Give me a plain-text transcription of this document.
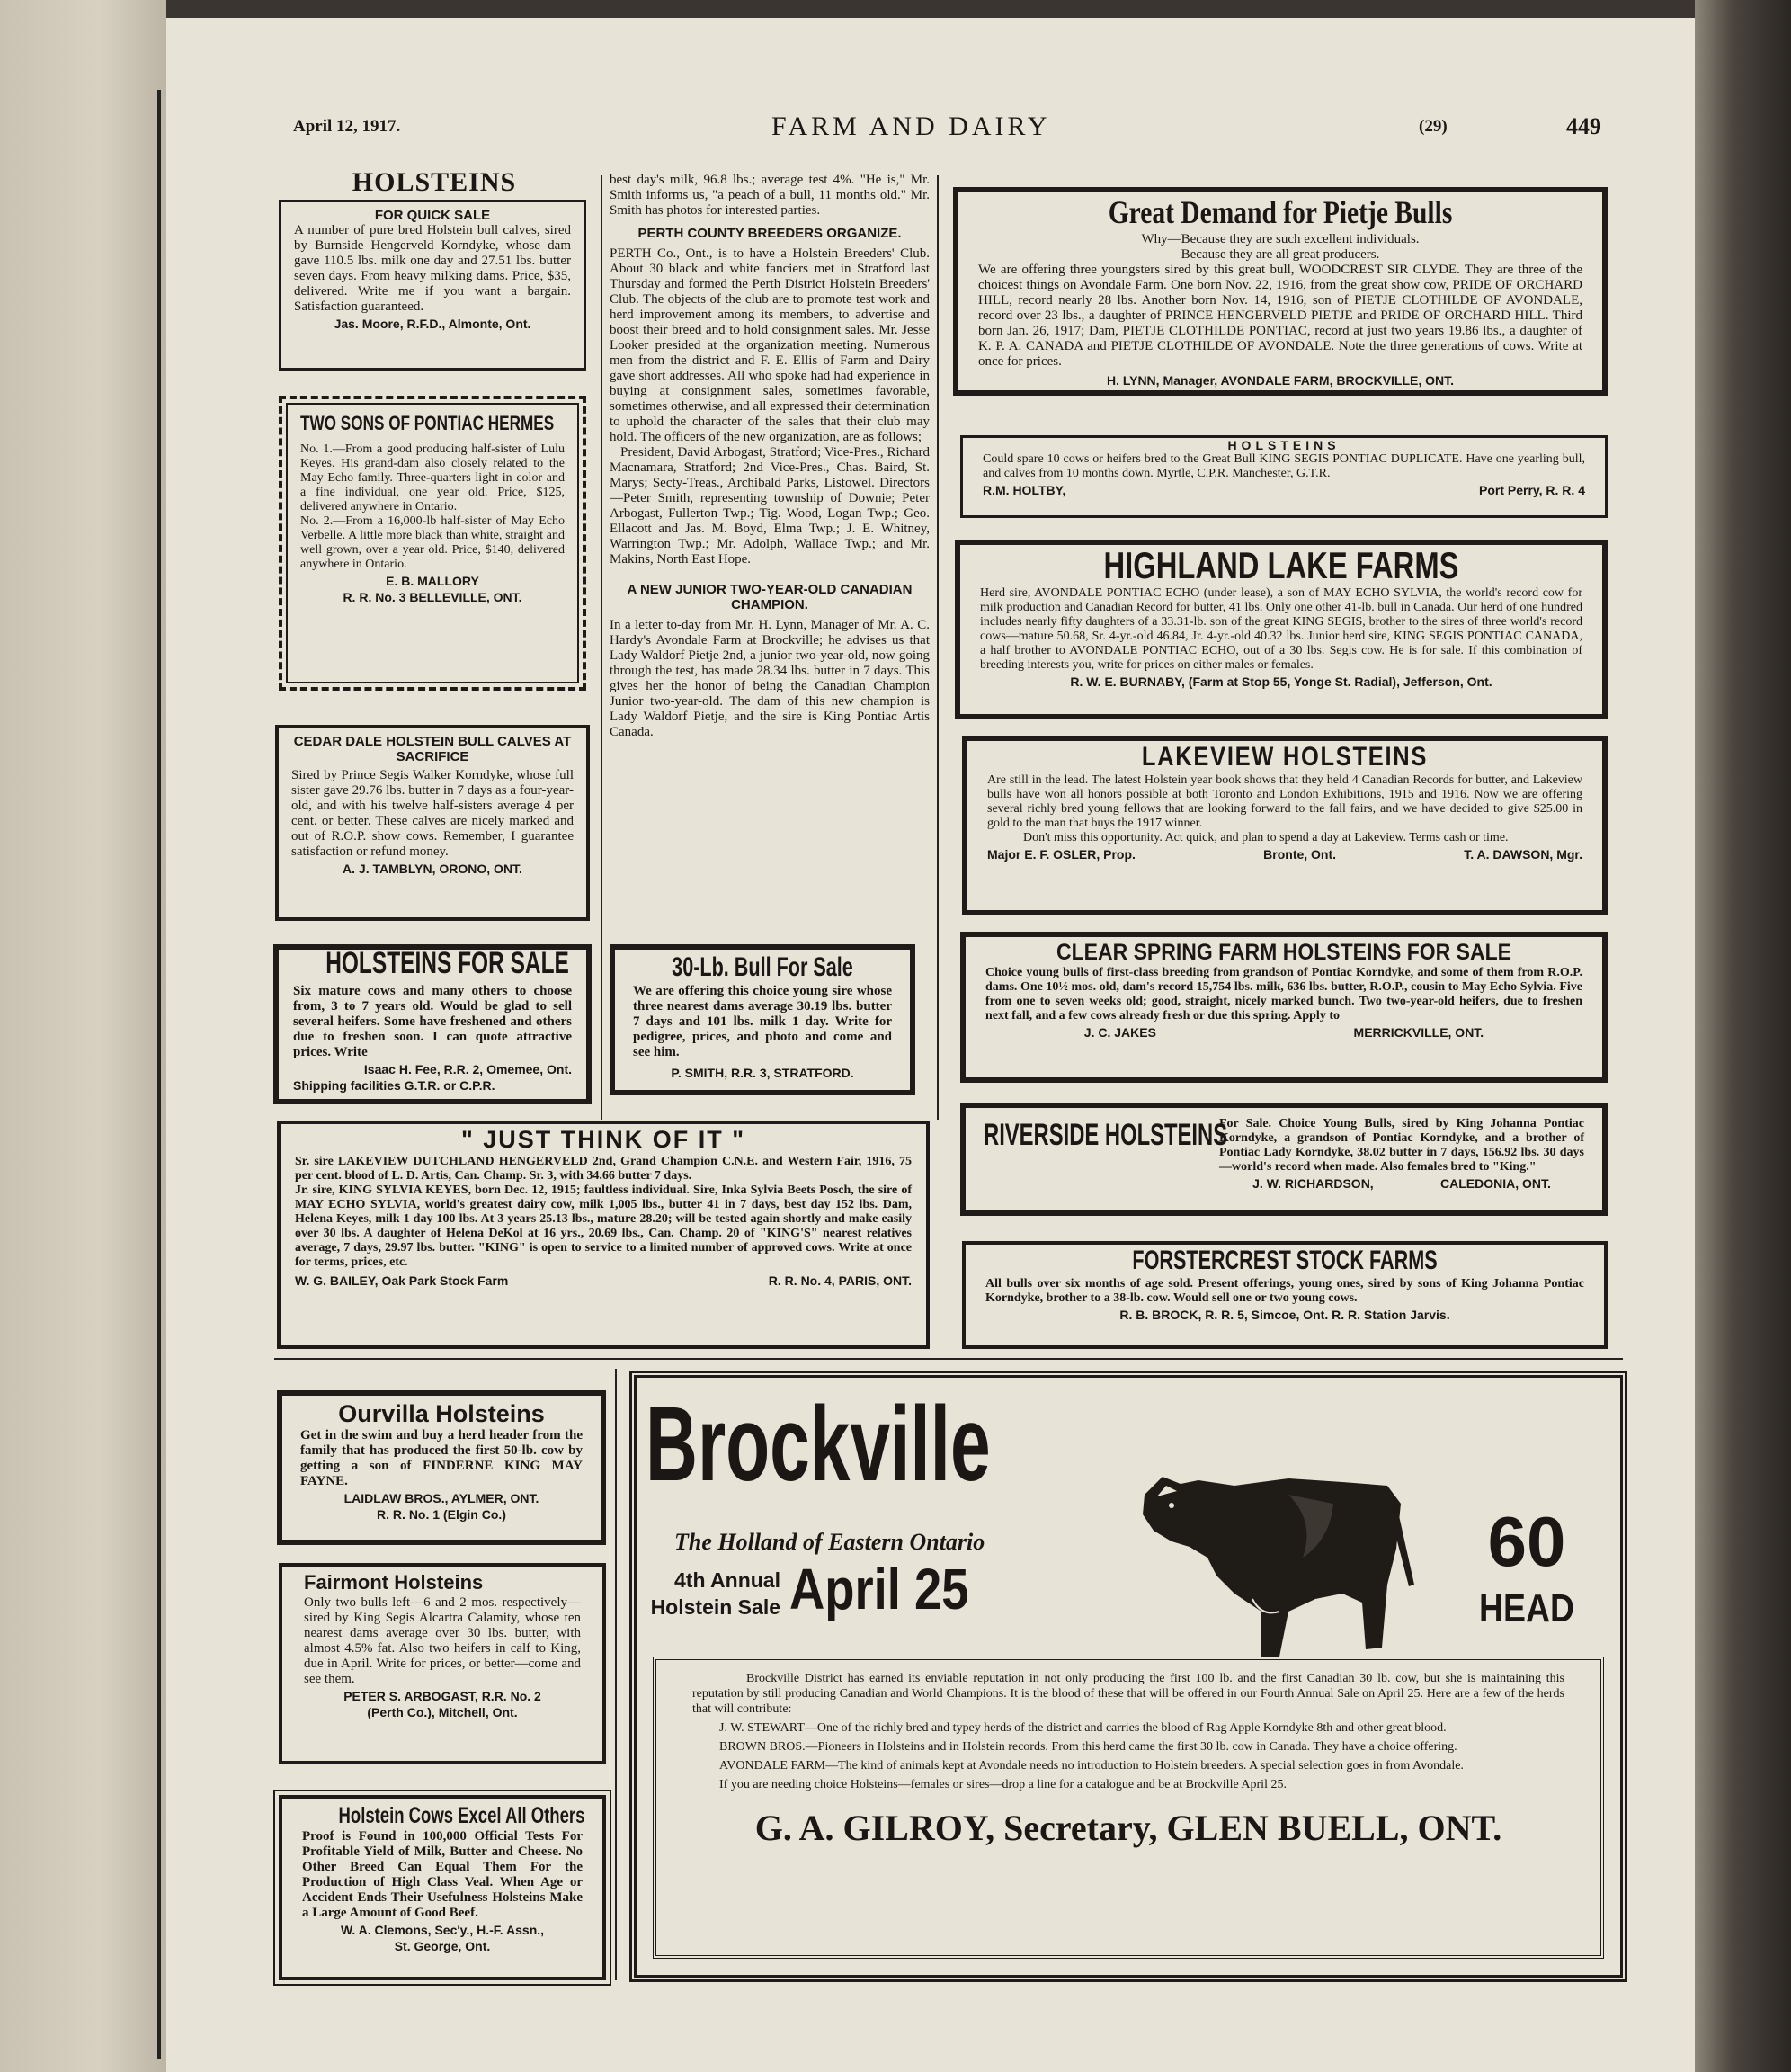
April 12, 1917.	FARM AND DAIRY	(29)	449
HOLSTEINS
FOR QUICK SALE
A number of pure bred Holstein bull calves, sired by Burnside Hengerveld Korndyke, whose dam gave 110.5 lbs. milk one day and 27.51 lbs. butter seven days. From heavy milking dams. Price, $35, delivered. Write me if you want a bargain. Satisfaction guaranteed.
Jas. Moore, R.F.D., Almonte, Ont.
TWO SONS OF PONTIAC HERMES
No. 1.—From a good producing half-sister of Lulu Keyes. His grand-dam also closely related to the May Echo family. Three-quarters light in color and a fine individual, one year old. Price, $125, delivered anywhere in Ontario.
No. 2.—From a 16,000-lb half-sister of May Echo Verbelle. A little more black than white, straight and well grown, over a year old. Price, $140, delivered anywhere in Ontario.
E. B. MALLORY
R. R. No. 3 BELLEVILLE, ONT.
CEDAR DALE HOLSTEIN BULL CALVES AT SACRIFICE
Sired by Prince Segis Walker Korndyke, whose full sister gave 29.76 lbs. butter in 7 days as a four-year-old, and with his twelve half-sisters average 4 per cent. or better. These calves are nicely marked and out of R.O.P. show cows. Remember, I guarantee satisfaction or refund money.
A. J. TAMBLYN, ORONO, ONT.
HOLSTEINS FOR SALE
Six mature cows and many others to choose from, 3 to 7 years old. Would be glad to sell several heifers. Some have freshened and others due to freshen soon. I can quote attractive prices. Write
Isaac H. Fee, R.R. 2, Omemee, Ont.
Shipping facilities G.T.R. or C.P.R.
best day's milk, 96.8 lbs.; average test 4%. "He is," Mr. Smith informs us, "a peach of a bull, 11 months old." Mr. Smith has photos for interested parties.
PERTH COUNTY BREEDERS ORGANIZE.
PERTH Co., Ont., is to have a Holstein Breeders' Club. About 30 black and white fanciers met in Stratford last Thursday and formed the Perth District Holstein Breeders' Club. The objects of the club are to promote test work and herd improvement among its members, to advertise and boost their breed and to hold consignment sales. Mr. Jesse Looker presided at the organization meeting. Numerous men from the district and F. E. Ellis of Farm and Dairy gave short addresses. All who spoke had had experience in buying at consignment sales, sometimes favorable, sometimes otherwise, and all expressed their determination to uphold the character of the sales that their club may hold. The officers of the new organization, are as follows;
President, David Arbogast, Stratford; Vice-Pres., Richard Macnamara, Stratford; 2nd Vice-Pres., Chas. Baird, St. Marys; Secty-Treas., Archibald Parks, Listowel. Directors—Peter Smith, representing township of Downie; Peter Arbogast, Fullerton Twp.; Tig. Wood, Logan Twp.; Geo. Ellacott and Jas. M. Boyd, Elma Twp.; J. E. Whitney, Warrington Twp.; Mr. Adolph, Wallace Twp.; and Mr. Makins, North East Hope.
A NEW JUNIOR TWO-YEAR-OLD CANADIAN CHAMPION.
In a letter to-day from Mr. H. Lynn, Manager of Mr. A. C. Hardy's Avondale Farm at Brockville; he advises us that Lady Waldorf Pietje 2nd, a junior two-year-old, now going through the test, has made 28.34 lbs. butter in 7 days. This gives her the honor of being the Canadian Champion Junior two-year-old. The dam of this new champion is Lady Waldorf Pietje, and the sire is King Pontiac Artis Canada.
30-Lb. Bull For Sale
We are offering this choice young sire whose three nearest dams average 30.19 lbs. butter 7 days and 101 lbs. milk 1 day. Write for pedigree, prices, and photo and come and see him.
P. SMITH, R.R. 3, STRATFORD.
Great Demand for Pietje Bulls
Why—Because they are such excellent individuals.
Because they are all great producers.
We are offering three youngsters sired by this great bull, WOODCREST SIR CLYDE. They are three of the choicest things on Avondale Farm. One born Nov. 22, 1916, from the great show cow, PRIDE OF ORCHARD HILL, record nearly 28 lbs. Another born Nov. 14, 1916, son of PIETJE CLOTHILDE OF AVONDALE, record over 23 lbs., a daughter of PRINCE HENGERVELD PIETJE and PRIDE OF ORCHARD HILL. Third born Jan. 26, 1917; Dam, PIETJE CLOTHILDE PONTIAC, record at just two years 19.86 lbs., a daughter of K. P. A. CANADA and PIETJE CLOTHILDE OF AVONDALE. Note the three generations of cows. Write at once for prices.
H. LYNN, Manager, AVONDALE FARM, BROCKVILLE, ONT.
HOLSTEINS
Could spare 10 cows or heifers bred to the Great Bull KING SEGIS PONTIAC DUPLICATE. Have one yearling bull, and calves from 10 months down. Myrtle, C.P.R. Manchester, G.T.R.
R.M. HOLTBY,	Port Perry, R. R. 4
HIGHLAND LAKE FARMS
Herd sire, AVONDALE PONTIAC ECHO (under lease), a son of MAY ECHO SYLVIA, the world's record cow for milk production and Canadian Record for butter, 41 lbs. Only one other 41-lb. bull in Canada. Our herd of one hundred includes nearly fifty daughters of a 33.31-lb. son of the great KING SEGIS, brother to the sires of three world's record cows—mature 50.68, Sr. 4-yr.-old 46.84, Jr. 4-yr.-old 40.32 lbs. Junior herd sire, KING SEGIS PONTIAC CANADA, a half brother to AVONDALE PONTIAC ECHO, out of a 30 lbs. Segis cow. He is for sale. If this combination of breeding interests you, write for prices on either males or females.
R. W. E. BURNABY, (Farm at Stop 55, Yonge St. Radial), Jefferson, Ont.
LAKEVIEW HOLSTEINS
Are still in the lead. The latest Holstein year book shows that they held 4 Canadian Records for butter, and Lakeview bulls have won all honors possible at both Toronto and London Exhibitions, 1915 and 1916. Now we are offering several richly bred young fellows that are looking forward to the fall fairs, and we have decided to give $25.00 in gold to the man that buys the 1917 winner.
Don't miss this opportunity. Act quick, and plan to spend a day at Lakeview. Terms cash or time.
Major E. F. OSLER, Prop.	Bronte, Ont.	T. A. DAWSON, Mgr.
CLEAR SPRING FARM HOLSTEINS FOR SALE
Choice young bulls of first-class breeding from grandson of Pontiac Korndyke, and some of them from R.O.P. dams. One 10½ mos. old, dam's record 15,754 lbs. milk, 636 lbs. butter, R.O.P., cousin to May Echo Sylvia. Five from one to seven weeks old; good, straight, nicely marked bunch. Two two-year-old heifers, due to freshen next fall, and a few cows already fresh or due this spring. Apply to
J. C. JAKES	MERRICKVILLE, ONT.
RIVERSIDE HOLSTEINS
For Sale. Choice Young Bulls, sired by King Johanna Pontiac Korndyke, a grandson of Pontiac Korndyke, and a brother of Pontiac Lady Korndyke, 38.02 butter in 7 days, 156.92 lbs. 30 days—world's record when made. Also females bred to "King."
J. W. RICHARDSON,	CALEDONIA, ONT.
FORSTERCREST STOCK FARMS
All bulls over six months of age sold. Present offerings, young ones, sired by sons of King Johanna Pontiac Korndyke, brother to a 38-lb. cow. Would sell one or two young cows.
R. B. BROCK, R. R. 5, Simcoe, Ont. R. R. Station Jarvis.
" JUST THINK OF IT "
Sr. sire LAKEVIEW DUTCHLAND HENGERVELD 2nd, Grand Champion C.N.E. and Western Fair, 1916, 75 per cent. blood of L. D. Artis, Can. Champ. Sr. 3, with 34.66 butter 7 days.
Jr. sire, KING SYLVIA KEYES, born Dec. 12, 1915; faultless individual. Sire, Inka Sylvia Beets Posch, the sire of MAY ECHO SYLVIA, world's greatest dairy cow, milk 1,005 lbs., butter 41 in 7 days, best day 152 lbs. Dam, Helena Keyes, milk 1 day 100 lbs. At 3 years 25.13 lbs., mature 28.20; will be tested again shortly and make easily over 30 lbs. A daughter of Helena DeKol at 16 yrs., 20.69 lbs., Can. Champ. 20 of "KING'S" nearest relatives average, 7 days, 29.97 lbs. butter. "KING" is open to service to a limited number of approved cows. Write at once for terms, prices, etc.
W. G. BAILEY, Oak Park Stock Farm	R. R. No. 4, PARIS, ONT.
Ourvilla Holsteins
Get in the swim and buy a herd header from the family that has produced the first 50-lb. cow by getting a son of FINDERNE KING MAY FAYNE.
LAIDLAW BROS., AYLMER, ONT.
R. R. No. 1 (Elgin Co.)
Fairmont Holsteins
Only two bulls left—6 and 2 mos. respectively—sired by King Segis Alcartra Calamity, whose ten nearest dams average over 30 lbs. butter, with almost 4.5% fat. Also two heifers in calf to King, due in April. Write for prices, or better—come and see them.
PETER S. ARBOGAST, R.R. No. 2
(Perth Co.), Mitchell, Ont.
Holstein Cows Excel All Others
Proof is Found in 100,000 Official Tests For Profitable Yield of Milk, Butter and Cheese. No Other Breed Can Equal Them For the Production of High Class Veal. When Age or Accident Ends Their Usefulness Holsteins Make a Large Amount of Good Beef.
W. A. Clemons, Sec'y., H.-F. Assn.,
St. George, Ont.
Brockville
The Holland of Eastern Ontario
4th Annual
Holstein Sale April 25
60
HEAD
Brockville District has earned its enviable reputation in not only producing the first 100 lb. and the first Canadian 30 lb. cow, but she is maintaining this reputation by still producing Canadian and World Champions. It is the blood of these that will be offered in our Fourth Annual Sale on April 25. Here are a few of the herds that will contribute:
J. W. STEWART—One of the richly bred and typey herds of the district and carries the blood of Rag Apple Korndyke 8th and other great blood.
BROWN BROS.—Pioneers in Holsteins and in Holstein records. From this herd came the first 30 lb. cow in Canada. They have a choice offering.
AVONDALE FARM—The kind of animals kept at Avondale needs no introduction to Holstein breeders. A special selection goes in from Avondale.
If you are needing choice Holsteins—females or sires—drop a line for a catalogue and be at Brockville April 25.
G. A. GILROY, Secretary, GLEN BUELL, ONT.
